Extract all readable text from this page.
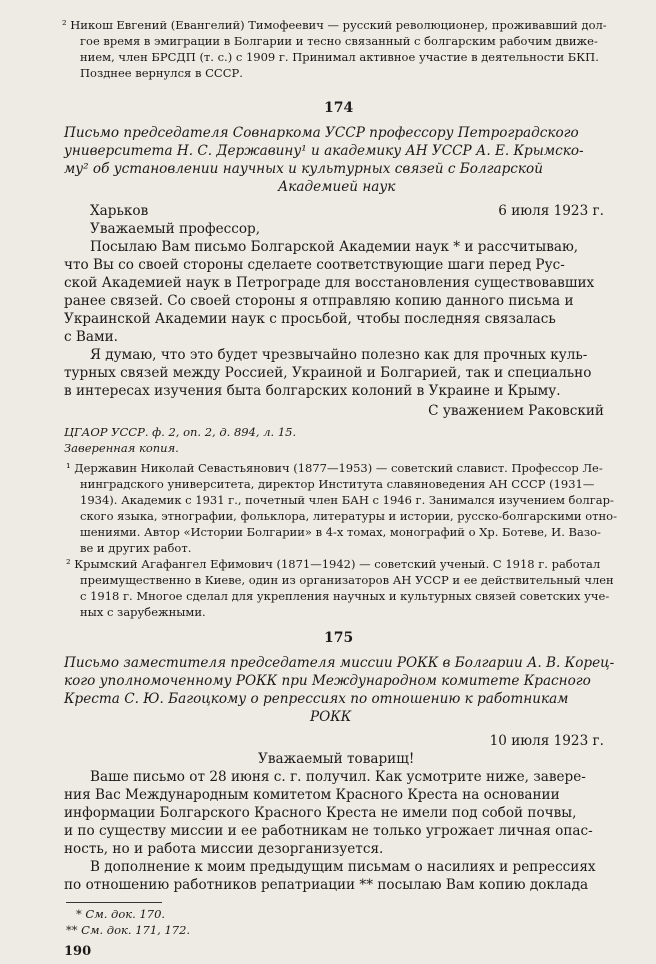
² Никош Евгений (Евангелий) Тимофеевич — русский революционер, проживавший дол-
гое время в эмиграции в Болгарии и тесно связанный с болгарским рабочим движе-
нием, член БРСДП (т. с.) с 1909 г. Принимал активное участие в деятельности БКП.
Позднее вернулся в СССР.
174
Письмо председателя Совнаркома УССР профессору Петроградского
университета Н. С. Державину¹ и академику АН УССР А. Е. Крымско-
му² об установлении научных и культурных связей с Болгарской
Академией наук
Харьков	6 июля 1923 г.
Уважаемый профессор,
Посылаю Вам письмо Болгарской Академии наук * и рассчитываю,
что Вы со своей стороны сделаете соответствующие шаги перед Рус-
ской Академией наук в Петрограде для восстановления существовавших
ранее связей. Со своей стороны я отправляю копию данного письма и
Украинской Академии наук с просьбой, чтобы последняя связалась
с Вами.
Я думаю, что это будет чрезвычайно полезно как для прочных куль-
турных связей между Россией, Украиной и Болгарией, так и специально
в интересах изучения быта болгарских колоний в Украине и Крыму.
С уважением Раковский
ЦГАОР УССР. ф. 2, оп. 2, д. 894, л. 15.
Заверенная копия.
¹ Державин Николай Севастьянович (1877—1953) — советский славист. Профессор Ле-
нинградского университета, директор Института славяноведения АН СССР (1931—
1934). Академик с 1931 г., почетный член БАН с 1946 г. Занимался изучением болгар-
ского языка, этнографии, фольклора, литературы и истории, русско-болгарскими отно-
шениями. Автор «Истории Болгарии» в 4-х томах, монографий о Хр. Ботеве, И. Вазо-
ве и других работ.
² Крымский Агафангел Ефимович (1871—1942) — советский ученый. С 1918 г. работал
преимущественно в Киеве, один из организаторов АН УССР и ее действительный член
с 1918 г. Многое сделал для укрепления научных и культурных связей советских уче-
ных с зарубежными.
175
Письмо заместителя председателя миссии РОКК в Болгарии А. В. Корец-
кого уполномоченному РОКК при Международном комитете Красного
Креста С. Ю. Багоцкому о репрессиях по отношению к работникам
РОКК
10 июля 1923 г.
Уважаемый товарищ!
Ваше письмо от 28 июня с. г. получил. Как усмотрите ниже, завере-
ния Вас Международным комитетом Красного Креста на основании
информации Болгарского Красного Креста не имели под собой почвы,
и по существу миссии и ее работникам не только угрожает личная опас-
ность, но и работа миссии дезорганизуется.
В дополнение к моим предыдущим письмам о насилиях и репрессиях
по отношению работников репатриации ** посылаю Вам копию доклада
* См. док. 170.
** См. док. 171, 172.
190
